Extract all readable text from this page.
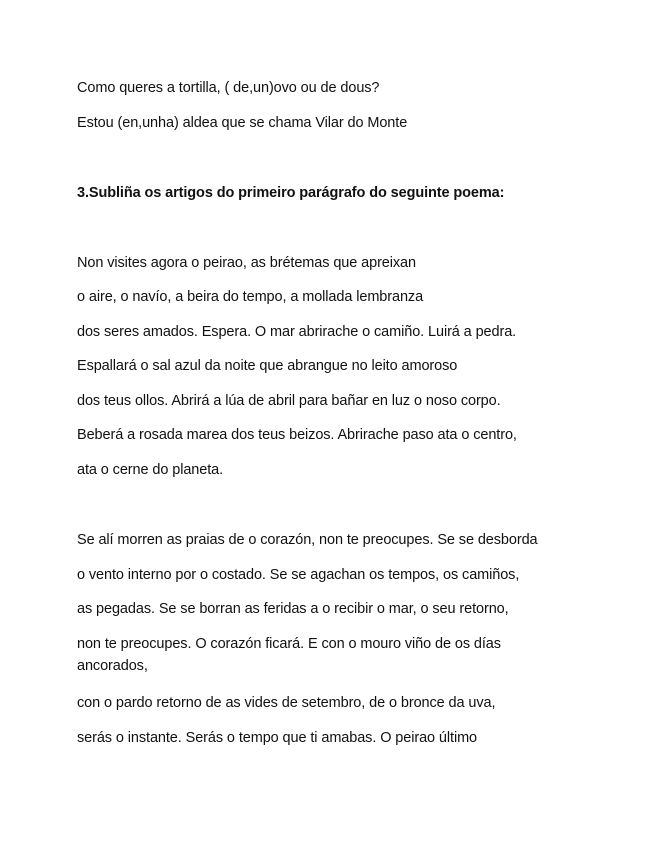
Como queres a tortilla, ( de,un)ovo ou de dous?
Estou (en,unha) aldea que se chama Vilar do Monte
3.Subliña os artigos do primeiro parágrafo do seguinte poema:
Non visites agora o peirao, as brétemas que apreixan
o aire, o navío, a beira do tempo, a mollada lembranza
dos seres amados. Espera. O mar abrirache o camiño. Luirá a pedra.
Espallará o sal azul da noite que abrangue no leito amoroso
dos teus ollos. Abrirá a lúa de abril para bañar en luz o noso corpo.
Beberá a rosada marea dos teus beizos. Abrirache paso ata o centro,
ata o cerne do planeta.
Se alí morren as praias de o corazón, non te preocupes. Se se desborda
o vento interno por o costado. Se se agachan os tempos, os camiños,
as pegadas. Se se borran as feridas a o recibir o mar, o seu retorno,
non te preocupes. O corazón ficará. E con o mouro viño de os días ancorados,
con o pardo retorno de as vides de setembro, de o bronce da uva,
serás o instante. Serás o tempo que ti amabas. O peirao último
